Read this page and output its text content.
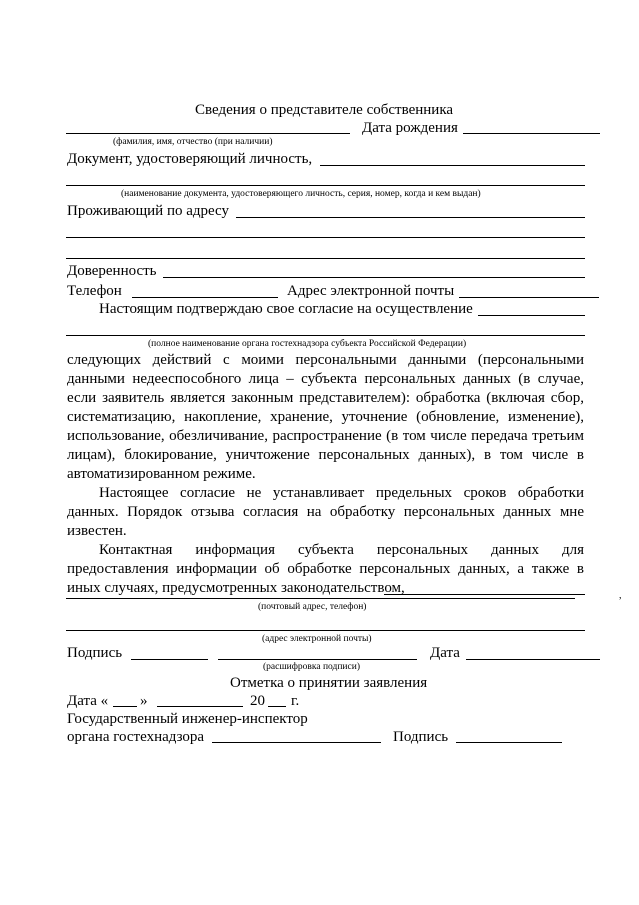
Сведения о представителе собственника
Дата рождения
(фамилия, имя, отчество (при наличии)
Документ, удостоверяющий личность,
(наименование документа, удостоверяющего личность, серия, номер, когда и кем выдан)
Проживающий по адресу
Доверенность
Телефон	Адрес электронной почты
Настоящим подтверждаю свое согласие на осуществление
(полное наименование органа гостехнадзора субъекта Российской Федерации)
следующих действий с моими персональными данными (персональными
данными недееспособного лица – субъекта персональных данных (в случае,
если заявитель является законным представителем): обработка (включая сбор,
систематизацию, накопление, хранение, уточнение (обновление, изменение),
использование, обезличивание, распространение (в том числе передача третьим
лицам), блокирование, уничтожение персональных данных), в том числе в
автоматизированном режиме.
Настоящее согласие не устанавливает предельных сроков обработки
данных. Порядок отзыва согласия на обработку персональных данных мне
известен.
Контактная информация субъекта персональных данных для
предоставления информации об обработке персональных данных, а также в
иных случаях, предусмотренных законодательством,	,
(почтовый адрес, телефон)
(адрес электронной почты)
Подпись	Дата
(расшифровка подписи)
Отметка о принятии заявления
Дата « »	20 г.
Государственный инженер-инспектор
органа гостехнадзора	Подпись
